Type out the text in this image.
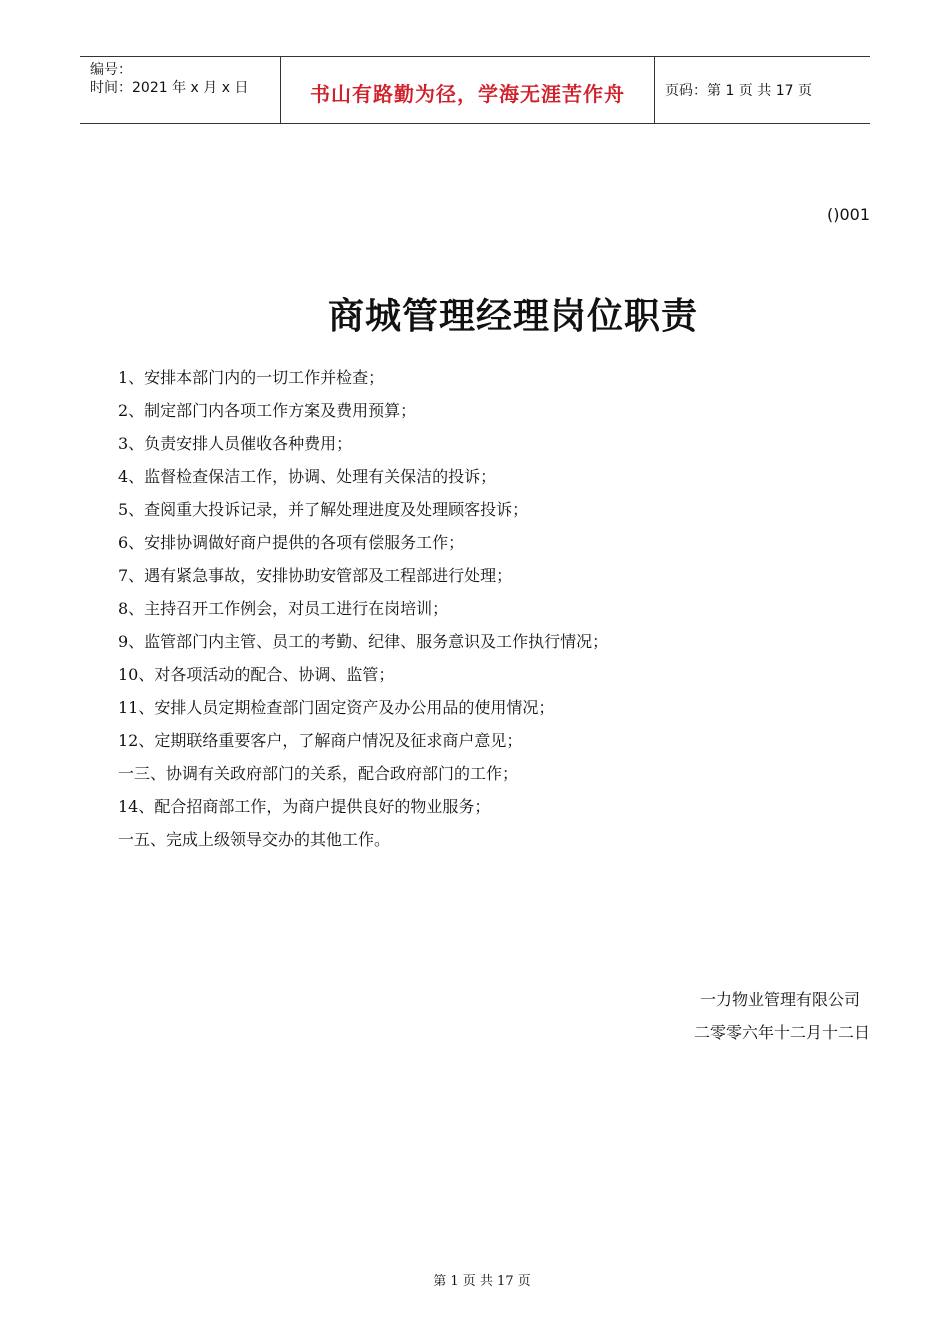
编号：
时间：2021 年 x 月 x 日	书山有路勤为径，学海无涯苦作舟	页码：第 1 页 共 17 页
()001
商城管理经理岗位职责
1、安排本部门内的一切工作并检查；
2、制定部门内各项工作方案及费用预算；
3、负责安排人员催收各种费用；
4、监督检查保洁工作，协调、处理有关保洁的投诉；
5、查阅重大投诉记录，并了解处理进度及处理顾客投诉；
6、安排协调做好商户提供的各项有偿服务工作；
7、遇有紧急事故，安排协助安管部及工程部进行处理；
8、主持召开工作例会，对员工进行在岗培训；
9、监管部门内主管、员工的考勤、纪律、服务意识及工作执行情况；
10、对各项活动的配合、协调、监管；
11、安排人员定期检查部门固定资产及办公用品的使用情况；
12、定期联络重要客户，了解商户情况及征求商户意见；
一三、协调有关政府部门的关系，配合政府部门的工作；
14、配合招商部工作，为商户提供良好的物业服务；
一五、完成上级领导交办的其他工作。
一力物业管理有限公司
二零零六年十二月十二日
第 1 页 共 17 页
